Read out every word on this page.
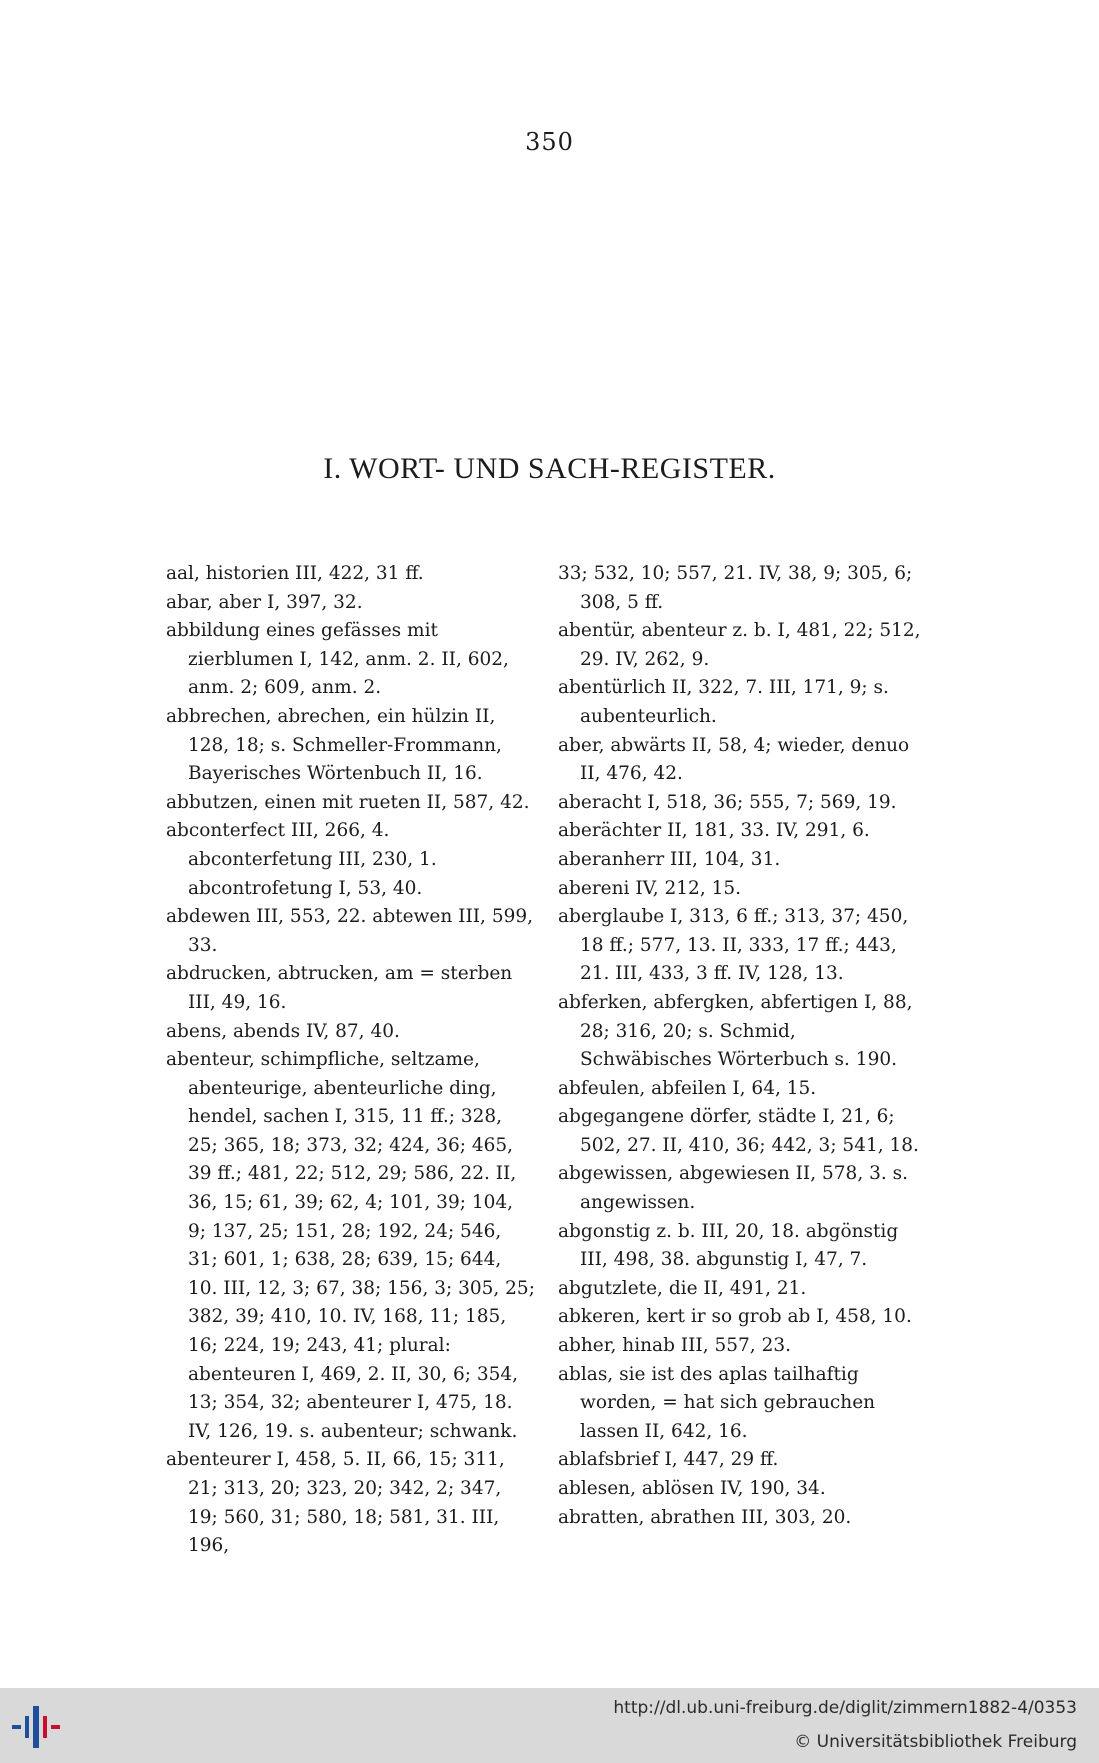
350
I. WORT- UND SACH-REGISTER.

aal, historien III, 422, 31 ff.

abar, aber I, 397, 32.

abbildung eines gefässes mit zierblumen I, 142, anm. 2. II, 602, anm. 2; 609, anm. 2.

abbrechen, abrechen, ein hülzin II, 128, 18; s. Schmeller-Frommann, Bayerisches Wörtenbuch II, 16.

abbutzen, einen mit rueten II, 587, 42.

abconterfect III, 266, 4. abconterfetung III, 230, 1. abcontrofetung I, 53, 40.

abdewen III, 553, 22. abtewen III, 599, 33.

abdrucken, abtrucken, am = sterben III, 49, 16.

abens, abends IV, 87, 40.

abenteur, schimpfliche, seltzame, abenteurige, abenteurliche ding, hendel, sachen I, 315, 11 ff.; 328, 25; 365, 18; 373, 32; 424, 36; 465, 39 ff.; 481, 22; 512, 29; 586, 22. II, 36, 15; 61, 39; 62, 4; 101, 39; 104, 9; 137, 25; 151, 28; 192, 24; 546, 31; 601, 1; 638, 28; 639, 15; 644, 10. III, 12, 3; 67, 38; 156, 3; 305, 25; 382, 39; 410, 10. IV, 168, 11; 185, 16; 224, 19; 243, 41; plural: abenteuren I, 469, 2. II, 30, 6; 354, 13; 354, 32; abenteurer I, 475, 18. IV, 126, 19. s. aubenteur; schwank.

abenteurer I, 458, 5. II, 66, 15; 311, 21; 313, 20; 323, 20; 342, 2; 347, 19; 560, 31; 580, 18; 581, 31. III, 196,

33; 532, 10; 557, 21. IV, 38, 9; 305, 6; 308, 5 ff.

abentür, abenteur z. b. I, 481, 22; 512, 29. IV, 262, 9.

abentürlich II, 322, 7. III, 171, 9; s. aubenteurlich.

aber, abwärts II, 58, 4; wieder, denuo II, 476, 42.

aberacht I, 518, 36; 555, 7; 569, 19.

aberächter II, 181, 33. IV, 291, 6.

aberanherr III, 104, 31.

abereni IV, 212, 15.

aberglaube I, 313, 6 ff.; 313, 37; 450, 18 ff.; 577, 13. II, 333, 17 ff.; 443, 21. III, 433, 3 ff. IV, 128, 13.

abferken, abfergken, abfertigen I, 88, 28; 316, 20; s. Schmid, Schwäbisches Wörterbuch s. 190.

abfeulen, abfeilen I, 64, 15.

abgegangene dörfer, städte I, 21, 6; 502, 27. II, 410, 36; 442, 3; 541, 18.

abgewissen, abgewiesen II, 578, 3. s. angewissen.

abgonstig z. b. III, 20, 18. abgönstig III, 498, 38. abgunstig I, 47, 7.

abgutzlete, die II, 491, 21.

abkeren, kert ir so grob ab I, 458, 10.

abher, hinab III, 557, 23.

ablas, sie ist des aplas tailhaftig worden, = hat sich gebrauchen lassen II, 642, 16.

ablafsbrief I, 447, 29 ff.

ablesen, ablösen IV, 190, 34.

abratten, abrathen III, 303, 20.

http://dl.ub.uni-freiburg.de/diglit/zimmern1882-4/0353
© Universitätsbibliothek Freiburg
